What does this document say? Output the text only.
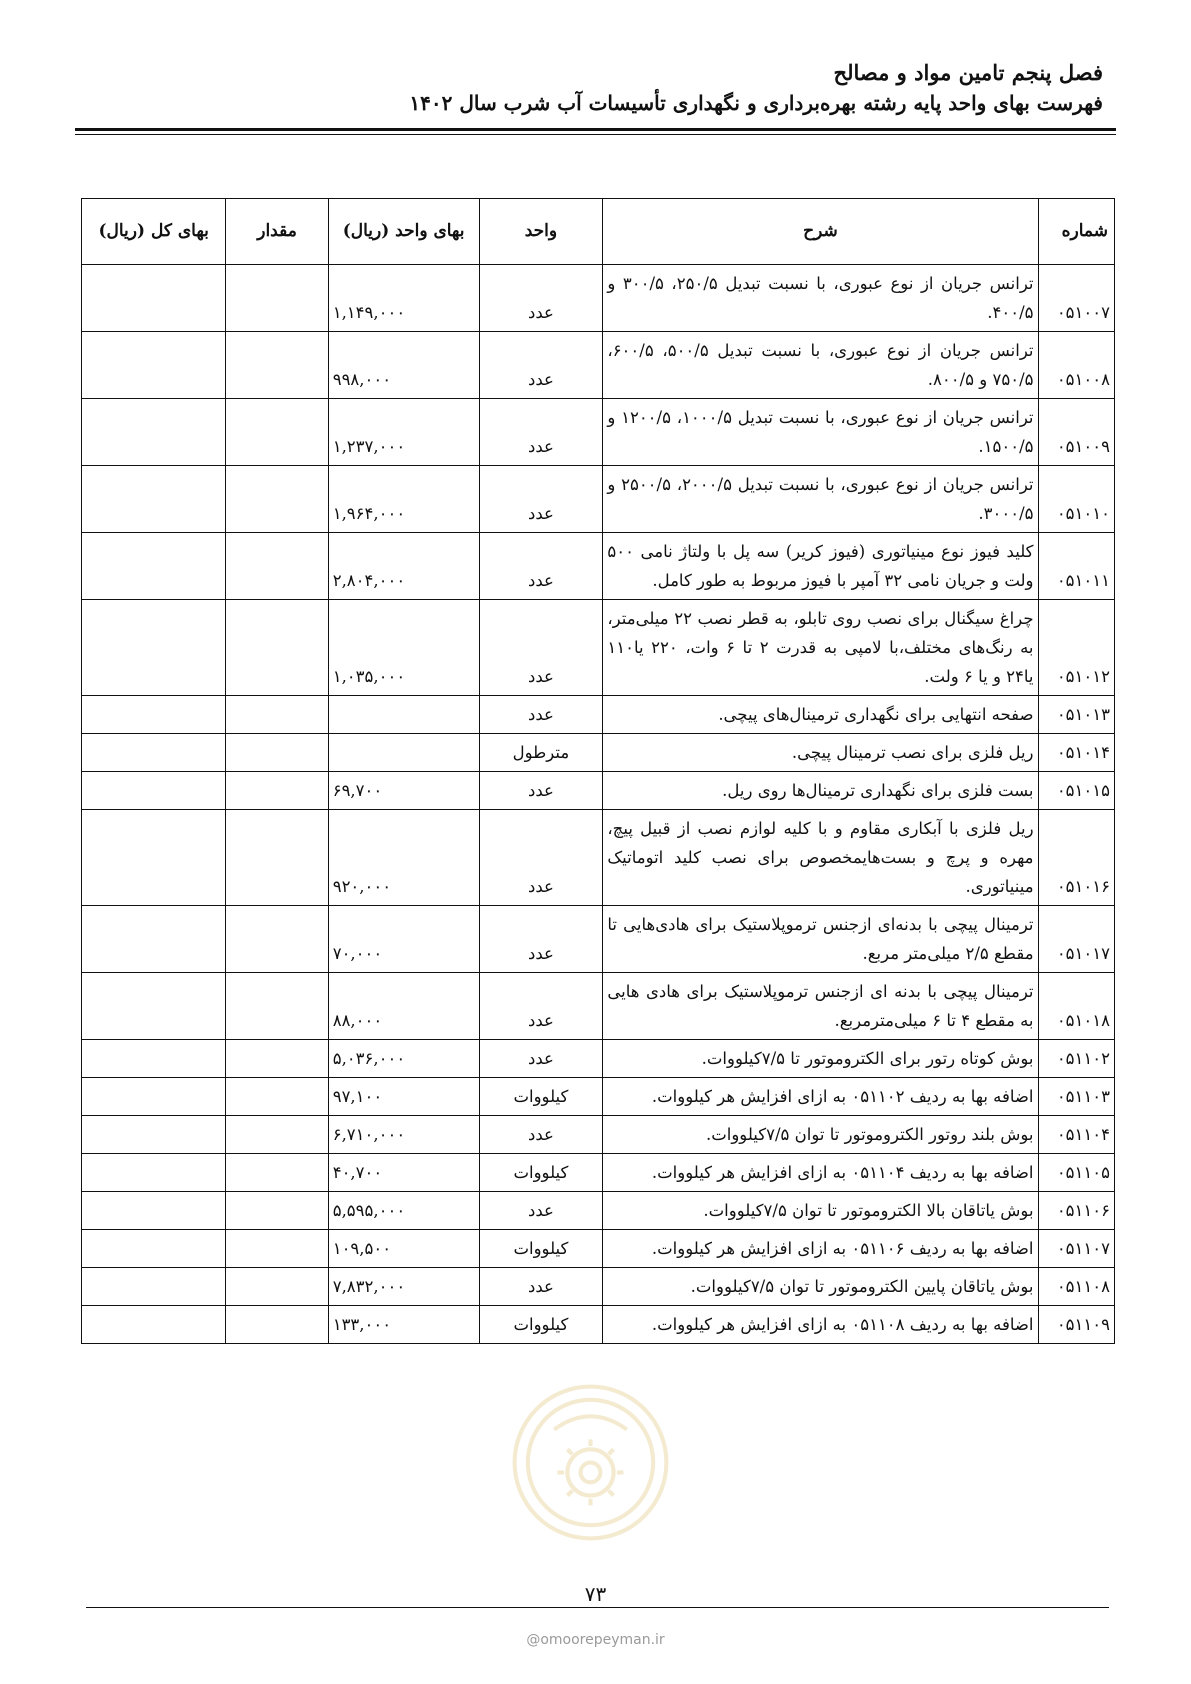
فصل پنجم تامین مواد و مصالح
فهرست بهای واحد پایه رشته بهره‌برداری و نگهداری تأسیسات آب شرب سال ۱۴۰۲
شماره	شرح	واحد	بهای واحد (ریال)	مقدار	بهای کل (ریال)
۰۵۱۰۰۷	ترانس جریان از نوع عبوری، با نسبت تبدیل ۲۵۰/۵، ۳۰۰/۵ و ۴۰۰/۵.	عدد	۱,۱۴۹,۰۰۰		
۰۵۱۰۰۸	ترانس جریان از نوع عبوری، با نسبت تبدیل ۵۰۰/۵، ۶۰۰/۵، ۷۵۰/۵ و ۸۰۰/۵.	عدد	۹۹۸,۰۰۰		
۰۵۱۰۰۹	ترانس جریان از نوع عبوری، با نسبت تبدیل ۱۰۰۰/۵، ۱۲۰۰/۵ و ۱۵۰۰/۵.	عدد	۱,۲۳۷,۰۰۰		
۰۵۱۰۱۰	ترانس جریان از نوع عبوری، با نسبت تبدیل ۲۰۰۰/۵، ۲۵۰۰/۵ و ۳۰۰۰/۵.	عدد	۱,۹۶۴,۰۰۰		
۰۵۱۰۱۱	کلید فیوز نوع مینیاتوری (فیوز کریر) سه پل با ولتاژ نامی ۵۰۰ ولت و جریان نامی ۳۲ آمپر با فیوز مربوط به طور کامل.	عدد	۲,۸۰۴,۰۰۰		
۰۵۱۰۱۲	چراغ سیگنال برای نصب روی تابلو، به قطر نصب ۲۲ میلی‌متر، به رنگ‌های مختلف،با لامپی به قدرت ۲ تا ۶ وات، ۲۲۰ یا۱۱۰ یا۲۴ و یا ۶ ولت.	عدد	۱,۰۳۵,۰۰۰		
۰۵۱۰۱۳	صفحه انتهایی برای نگهداری ترمینال‌های پیچی.	عدد			
۰۵۱۰۱۴	ریل فلزی برای نصب ترمینال پیچی.	مترطول			
۰۵۱۰۱۵	بست فلزی برای نگهداری ترمینال‌ها روی ریل.	عدد	۶۹,۷۰۰		
۰۵۱۰۱۶	ریل فلزی با آبکاری مقاوم و با کلیه لوازم نصب از قبیل پیچ، مهره و پرچ و بست‌هایمخصوص برای نصب کلید اتوماتیک مینیاتوری.	عدد	۹۲۰,۰۰۰		
۰۵۱۰۱۷	ترمینال پیچی با بدنه‌ای ازجنس ترموپلاستیک برای هادی‌هایی تا مقطع ۲/۵ میلی‌متر مربع.	عدد	۷۰,۰۰۰		
۰۵۱۰۱۸	ترمینال پیچی با بدنه ای ازجنس ترموپلاستیک برای هادی هایی به مقطع ۴ تا ۶ میلی‌مترمربع.	عدد	۸۸,۰۰۰		
۰۵۱۱۰۲	بوش کوتاه رتور برای الکتروموتور تا ۷/۵کیلووات.	عدد	۵,۰۳۶,۰۰۰		
۰۵۱۱۰۳	اضافه بها به ردیف ۰۵۱۱۰۲ به ازای افزایش هر کیلووات.	کیلووات	۹۷,۱۰۰		
۰۵۱۱۰۴	بوش بلند روتور الکتروموتور تا توان ۷/۵کیلووات.	عدد	۶,۷۱۰,۰۰۰		
۰۵۱۱۰۵	اضافه بها به ردیف ۰۵۱۱۰۴ به ازای افزایش هر کیلووات.	کیلووات	۴۰,۷۰۰		
۰۵۱۱۰۶	بوش یاتاقان بالا الکتروموتور تا توان ۷/۵کیلووات.	عدد	۵,۵۹۵,۰۰۰		
۰۵۱۱۰۷	اضافه بها به ردیف ۰۵۱۱۰۶ به ازای افزایش هر کیلووات.	کیلووات	۱۰۹,۵۰۰		
۰۵۱۱۰۸	بوش یاتاقان پایین الکتروموتور تا توان ۷/۵کیلووات.	عدد	۷,۸۳۲,۰۰۰		
۰۵۱۱۰۹	اضافه بها به ردیف ۰۵۱۱۰۸ به ازای افزایش هر کیلووات.	کیلووات	۱۳۳,۰۰۰		
۷۳
@omoorepeyman.ir
